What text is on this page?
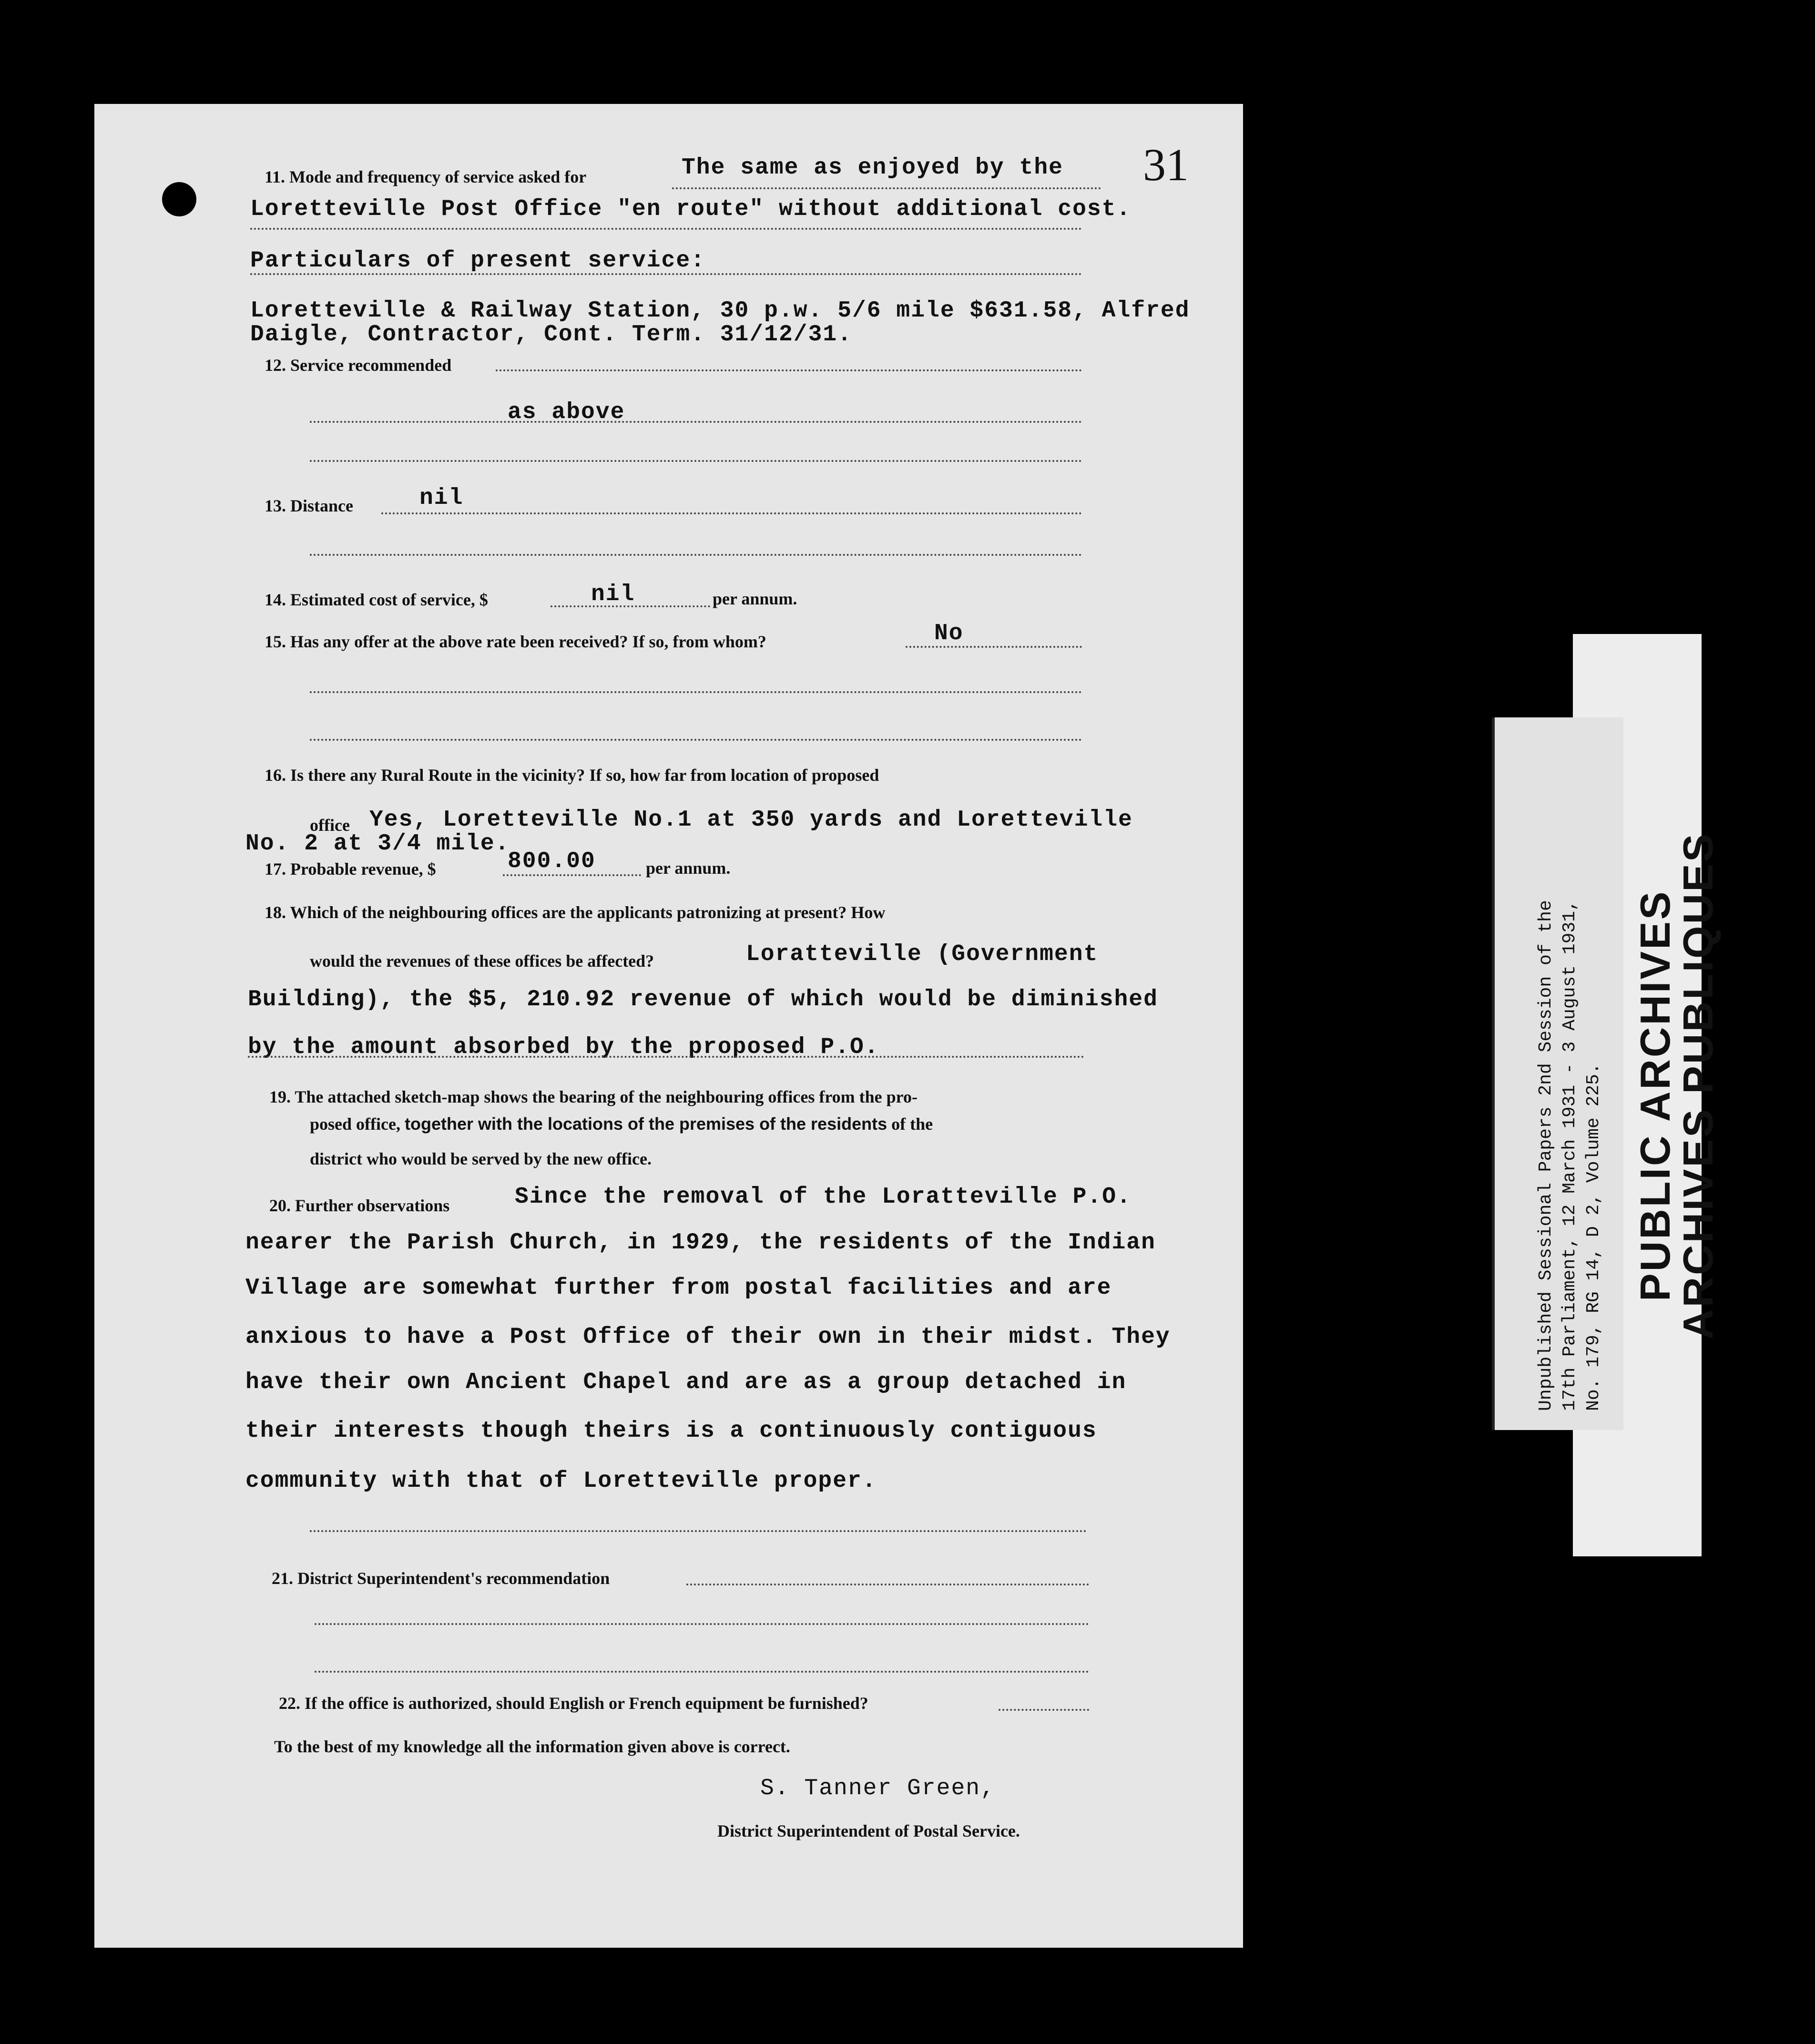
31
11. Mode and frequency of service asked for	The same as enjoyed by the
Loretteville Post Office "en route" without additional cost.
Particulars of present service:
Loretteville & Railway Station, 30 p.w. 5/6 mile $631.58, Alfred
Daigle, Contractor, Cont. Term. 31/12/31.
12. Service recommended
as above
13. Distance	nil
14. Estimated cost of service, $	nil	per annum.
15. Has any offer at the above rate been received? If so, from whom?	No
16. Is there any Rural Route in the vicinity? If so, how far from location of proposed
office Yes, Loretteville No.1 at 350 yards and Loretteville
No. 2 at 3/4 mile.
17. Probable revenue, $	800.00	per annum.
18. Which of the neighbouring offices are the applicants patronizing at present? How
would the revenues of these offices be affected?	Loratteville (Government
Building), the $5, 210.92 revenue of which would be diminished
by the amount absorbed by the proposed P.O.
19. The attached sketch-map shows the bearing of the neighbouring offices from the pro-
posed office, together with the locations of the premises of the residents of the
district who would be served by the new office.
20. Further observations	Since the removal of the Loratteville P.O.
nearer the Parish Church, in 1929, the residents of the Indian
Village are somewhat further from postal facilities and are
anxious to have a Post Office of their own in their midst. They
have their own Ancient Chapel and are as a group detached in
their interests though theirs is a continuously contiguous
community with that of Loretteville proper.
21. District Superintendent's recommendation
22. If the office is authorized, should English or French equipment be furnished?
To the best of my knowledge all the information given above is correct.
S. Tanner Green,
District Superintendent of Postal Service.
Unpublished Sessional Papers 2nd Session of the 17th Parliament, 12 March 1931 - 3 August 1931, No. 179, RG 14, D 2, Volume 225. PUBLIC ARCHIVES
ARCHIVES PUBLIQUES
